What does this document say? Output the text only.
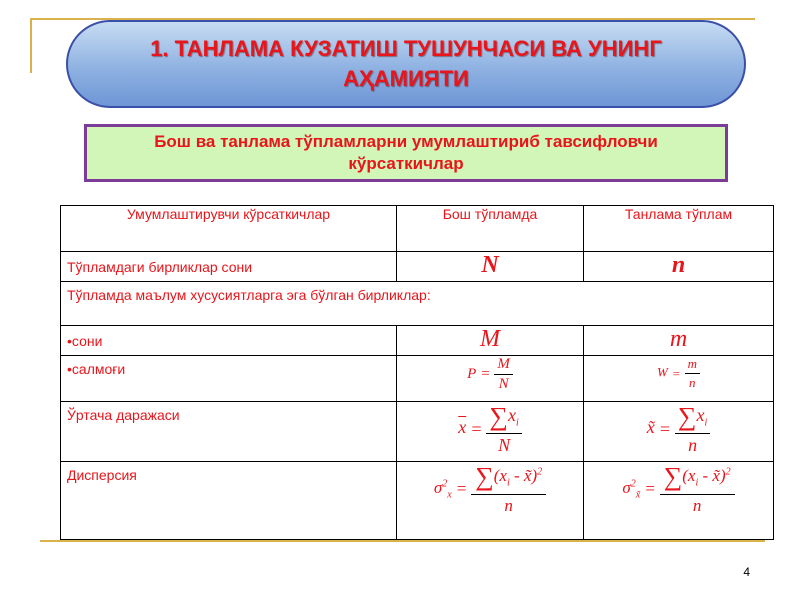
1. ТАНЛАМА КУЗАТИШ ТУШУНЧАСИ ВА УНИНГ АҲАМИЯТИ
Бош ва танлама тўпламларни умумлаштириб тавсифловчи кўрсаткичлар
Умумлаштирувчи кўрсаткичлар	Бош тўпламда	Танлама тўплам
Тўпламдаги бирликлар сони	N	n
Тўпламда маълум хусусиятларга эга бўлган бирликлар:		
• сони	M	m
• салмоғи	$P = \frac{M}{N}$	$W = \frac{m}{n}$

Ўртача даражаси	$\overline{x} = \frac{\sum x_i}{N}$	x̃ = $\frac{\sum x_i}{n}$

Дисперсия	$\sigma^2_x = \frac{\sum(x_i - x̃)^2}{n}$	$\sigma^2_{x̃} = \frac{\sum(x_i - x̃)^2}{n}$
4
